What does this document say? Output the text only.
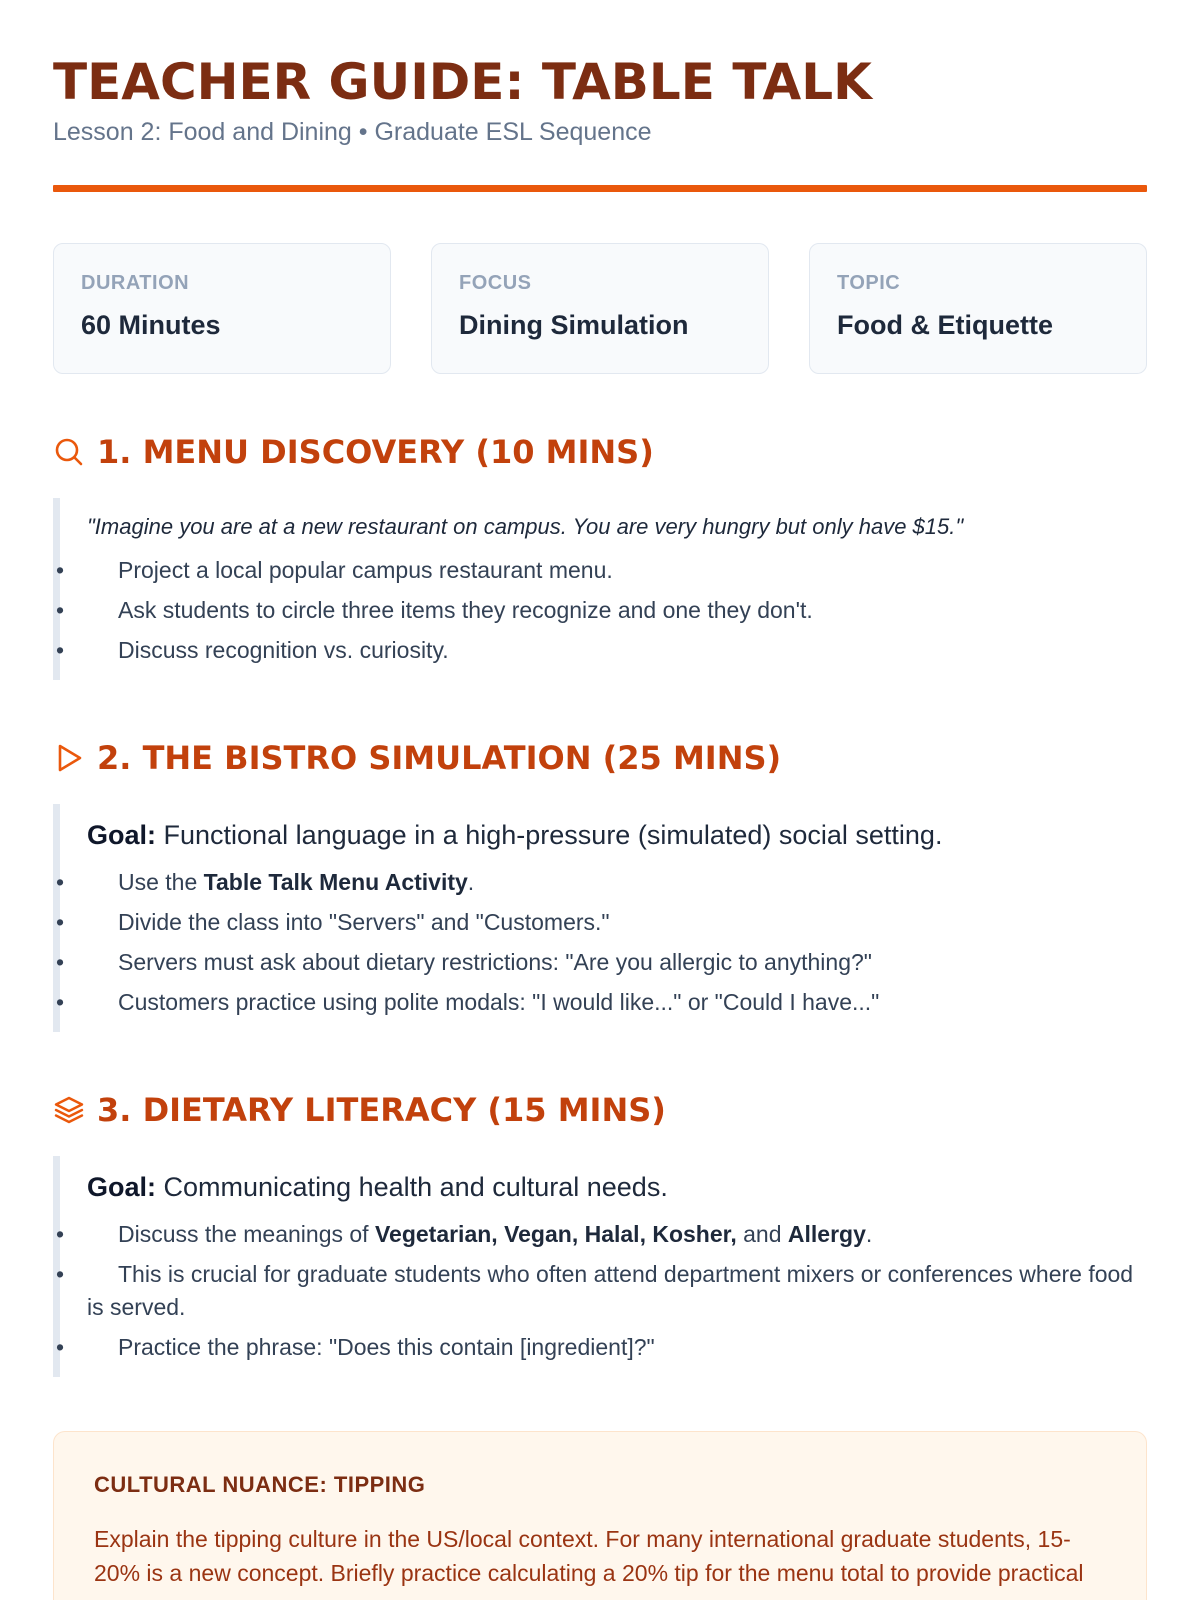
TEACHER GUIDE: TABLE TALK
Lesson 2: Food and Dining • Graduate ESL Sequence
DURATION
60 Minutes
FOCUS
Dining Simulation
TOPIC
Food & Etiquette
1. MENU DISCOVERY (10 MINS)
"Imagine you are at a new restaurant on campus. You are very hungry but only have $15."
• Project a local popular campus restaurant menu.
• Ask students to circle three items they recognize and one they don't.
• Discuss recognition vs. curiosity.
2. THE BISTRO SIMULATION (25 MINS)
Goal: Functional language in a high-pressure (simulated) social setting.
• Use the Table Talk Menu Activity.
• Divide the class into "Servers" and "Customers."
• Servers must ask about dietary restrictions: "Are you allergic to anything?"
• Customers practice using polite modals: "I would like..." or "Could I have..."
3. DIETARY LITERACY (15 MINS)
Goal: Communicating health and cultural needs.
• Discuss the meanings of Vegetarian, Vegan, Halal, Kosher, and Allergy.
• This is crucial for graduate students who often attend department mixers or conferences where food is served.
• Practice the phrase: "Does this contain [ingredient]?"
CULTURAL NUANCE: TIPPING
Explain the tipping culture in the US/local context. For many international graduate students, 15-20% is a new concept. Briefly practice calculating a 20% tip for the menu total to provide practical
